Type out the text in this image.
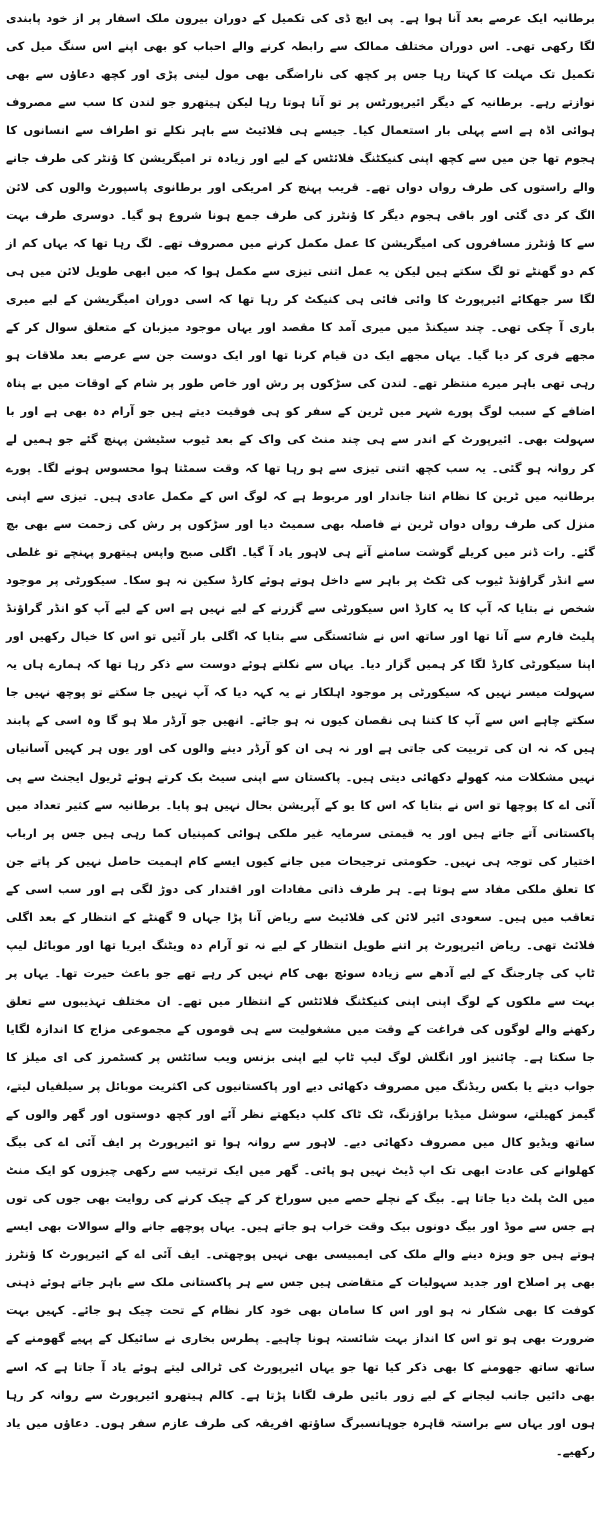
برطانیہ ایک عرصے بعد آنا ہوا ہے۔ پی ایچ ڈی کی تکمیل کے دوران بیرون ملک اسفار پر از خود پابندی لگا رکھی تھی۔ اس دوران مختلف ممالک سے رابطہ کرنے والے احباب کو بھی اپنے اس سنگ میل کی تکمیل تک مہلت کا کہتا رہا جس پر کچھ کی ناراضگی بھی مول لینی پڑی اور کچھ دعاؤں سے بھی نوازتے رہے۔ برطانیہ کے دیگر ائیرپورٹس پر تو آنا ہوتا رہا لیکن ہیتھرو جو لندن کا سب سے مصروف ہوائی اڈہ ہے اسے پہلی بار استعمال کیا۔ جیسے ہی فلائیٹ سے باہر نکلے تو اطراف سے انسانوں کا ہجوم تھا جن میں سے کچھ اپنی کنیکٹنگ فلائٹس کے لیے اور زیادہ تر امیگریشن کا ؤنٹر کی طرف جانے والے راستوں کی طرف رواں دواں تھے۔ قریب پہنچ کر امریکی اور برطانوی پاسپورٹ والوں کی لائن الگ کر دی گئی اور باقی ہجوم دیگر کا ؤنٹرز کی طرف جمع ہونا شروع ہو گیا۔ دوسری طرف بہت سے کا ؤنٹرز مسافروں کی امیگریشن کا عمل مکمل کرنے میں مصروف تھے۔ لگ رہا تھا کہ یہاں کم از کم دو گھنٹے تو لگ سکتے ہیں لیکن یہ عمل اتنی تیزی سے مکمل ہوا کہ میں ابھی طویل لائن میں ہی لگا سر جھکائے ائیرپورٹ کا وائی فائی ہی کنیکٹ کر رہا تھا کہ اسی دوران امیگریشن کے لیے میری باری آ چکی تھی۔ چند سیکنڈ میں میری آمد کا مقصد اور یہاں موجود میزبان کے متعلق سوال کر کے مجھے فری کر دیا گیا۔ یہاں مجھے ایک دن قیام کرنا تھا اور ایک دوست جن سے عرصے بعد ملاقات ہو رہی تھی باہر میرے منتظر تھے۔ لندن کی سڑکوں پر رش اور خاص طور پر شام کے اوقات میں بے پناہ اضافے کے سبب لوگ پورے شہر میں ٹرین کے سفر کو ہی فوقیت دیتے ہیں جو آرام دہ بھی ہے اور با سہولت بھی۔ ائیرپورٹ کے اندر سے ہی چند منٹ کی واک کے بعد ٹیوب سٹیشن پہنچ گئے جو ہمیں لے کر روانہ ہو گئی۔ یہ سب کچھ اتنی تیزی سے ہو رہا تھا کہ وقت سمٹتا ہوا محسوس ہونے لگا۔ پورے برطانیہ میں ٹرین کا نظام اتنا جاندار اور مربوط ہے کہ لوگ اس کے مکمل عادی ہیں۔ تیزی سے اپنی منزل کی طرف رواں دواں ٹرین نے فاصلہ بھی سمیٹ دیا اور سڑکوں پر رش کی زحمت سے بھی بچ گئے۔ رات ڈنر میں کریلے گوشت سامنے آتے ہی لاہور یاد آ گیا۔ اگلی صبح واپس ہیتھرو پہنچے تو غلطی سے انڈر گراؤنڈ ٹیوب کی ٹکٹ پر باہر سے داخل ہوتے ہوئے کارڈ سکین نہ ہو سکا۔ سیکورٹی پر موجود شخص نے بتایا کہ آپ کا یہ کارڈ اس سیکورٹی سے گزرنے کے لیے نہیں ہے اس کے لیے آپ کو انڈر گراؤنڈ پلیٹ فارم سے آنا تھا اور ساتھ اس نے شائستگی سے بتایا کہ اگلی بار آئیں تو اس کا خیال رکھیں اور اپنا سیکورٹی کارڈ لگا کر ہمیں گزار دیا۔ یہاں سے نکلتے ہوئے دوست سے ذکر رہا تھا کہ ہمارے ہاں یہ سہولت میسر نہیں کہ سیکورٹی پر موجود اہلکار نے یہ کہہ دیا کہ آپ نہیں جا سکتے تو پوچھ نہیں جا سکتے چاہے اس سے آپ کا کتنا ہی نقصان کیوں نہ ہو جائے۔ انھیں جو آرڈر ملا ہو گا وہ اسی کے پابند ہیں کہ نہ ان کی تربیت کی جاتی ہے اور نہ ہی ان کو آرڈر دینے والوں کی اور یوں ہر کہیں آسانیاں نہیں مشکلات منہ کھولے دکھائی دیتی ہیں۔ پاکستان سے اپنی سیٹ بک کرتے ہوئے ٹریول ایجنٹ سے پی آئی اے کا پوچھا تو اس نے بتایا کہ اس کا یو کے آپریشن بحال نہیں ہو پایا۔ برطانیہ سے کثیر تعداد میں پاکستانی آتے جاتے ہیں اور یہ قیمتی سرمایہ غیر ملکی ہوائی کمپنیاں کما رہی ہیں جس پر ارباب اختیار کی توجہ ہی نہیں۔ حکومتی ترجیحات میں جانے کیوں ایسے کام اہمیت حاصل نہیں کر پاتے جن کا تعلق ملکی مفاد سے ہوتا ہے۔ ہر طرف ذاتی مفادات اور اقتدار کی دوڑ لگی ہے اور سب اسی کے تعاقب میں ہیں۔ سعودی ائیر لائن کی فلائیٹ سے ریاض آنا پڑا جہاں 9 گھنٹے کے انتظار کے بعد اگلی فلائٹ تھی۔ ریاض ائیرپورٹ پر اتنے طویل انتظار کے لیے نہ تو آرام دہ ویٹنگ ایریا تھا اور موبائل لیپ ٹاپ کی چارجنگ کے لیے آدھے سے زیادہ سوئچ بھی کام نہیں کر رہے تھے جو باعث حیرت تھا۔ یہاں پر بہت سے ملکوں کے لوگ اپنی اپنی کنیکٹنگ فلائٹس کے انتظار میں تھے۔ ان مختلف تہذیبوں سے تعلق رکھنے والے لوگوں کی فراغت کے وقت میں مشغولیت سے ہی قوموں کے مجموعی مزاج کا اندازہ لگایا جا سکتا ہے۔ چائنیز اور انگلش لوگ لیپ ٹاپ لیے اپنی بزنس ویب سائٹس پر کسٹمرز کی ای میلز کا جواب دیتے یا بکس ریڈنگ میں مصروف دکھائی دیے اور پاکستانیوں کی اکثریت موبائل پر سیلفیاں لیتے، گیمز کھیلتے، سوشل میڈیا براؤزنگ، ٹک ٹاک کلپ دیکھتے نظر آئے اور کچھ دوستوں اور گھر والوں کے ساتھ ویڈیو کال میں مصروف دکھائی دیے۔ لاہور سے روانہ ہوا تو ائیرپورٹ پر ایف آئی اے کی بیگ کھلوانے کی عادت ابھی تک اپ ڈیٹ نہیں ہو پائی۔ گھر میں ایک ترتیب سے رکھی چیزوں کو ایک منٹ میں الٹ پلٹ دیا جاتا ہے۔ بیگ کے نچلے حصے میں سوراخ کر کے چیک کرنے کی روایت بھی جوں کی توں ہے جس سے موڈ اور بیگ دونوں بیک وقت خراب ہو جاتے ہیں۔ یہاں پوچھے جانے والے سوالات بھی ایسے ہوتے ہیں جو ویزہ دینے والے ملک کی ایمبیسی بھی نہیں پوچھتی۔ ایف آئی اے کے ائیرپورٹ کا ؤنٹرز بھی پر اصلاح اور جدید سہولیات کے متقاضی ہیں جس سے ہر پاکستانی ملک سے باہر جاتے ہوئے ذہنی کوفت کا بھی شکار نہ ہو اور اس کا سامان بھی خود کار نظام کے تحت چیک ہو جائے۔ کہیں بہت ضرورت بھی ہو تو اس کا انداز بہت شائستہ ہونا چاہیے۔ پطرس بخاری نے سائیکل کے پہیے گھومنے کے ساتھ ساتھ جھومنے کا بھی ذکر کیا تھا جو یہاں ائیرپورٹ کی ٹرالی لیتے ہوئے یاد آ جاتا ہے کہ اسے بھی دائیں جانب لیجانے کے لیے زور بائیں طرف لگانا پڑتا ہے۔ کالم ہیتھرو ائیرپورٹ سے روانہ کر رہا ہوں اور یہاں سے براستہ قاہرہ جوہانسبرگ ساؤتھ افریقہ کی طرف عازم سفر ہوں۔ دعاؤں میں یاد رکھیے۔
